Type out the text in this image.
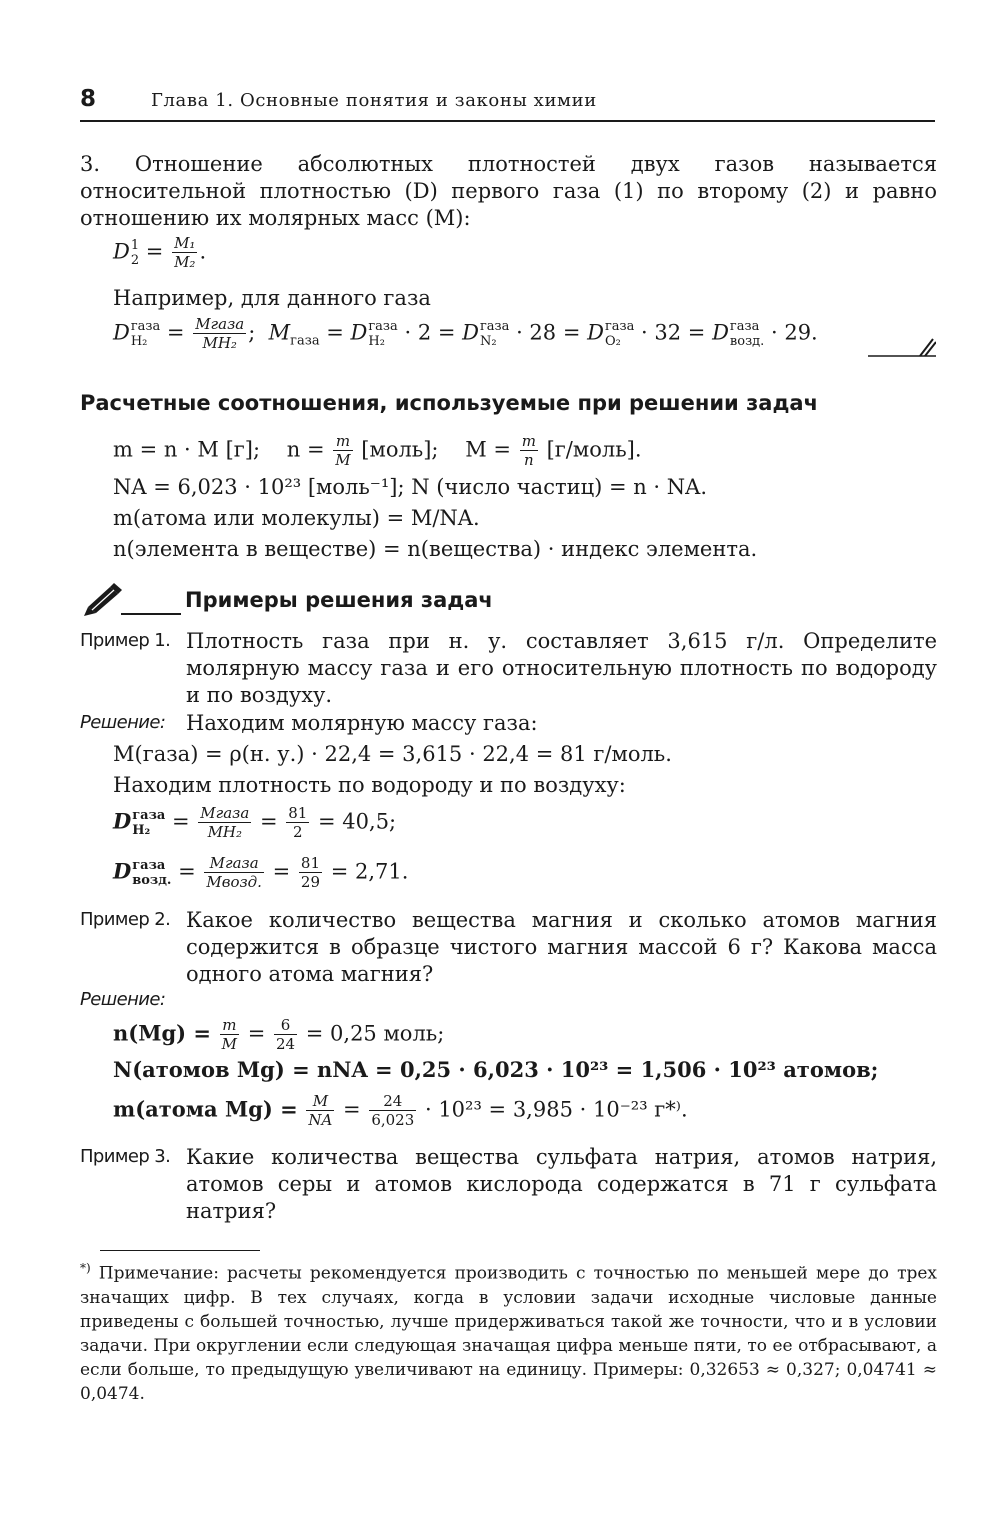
8	Глава 1. Основные понятия и законы химии
3. Отношение абсолютных плотностей двух газов называется относительной плотностью (D) первого газа (1) по второму (2) и равно отношению их молярных масс (M):
D 1
$2 = \frac{\text{M₁}}{\text{M₂}}$ .
Например, для данного газа
D газа
$H_2 = \frac{\text{Mгаза}}{\text{MH₂}}$ ;  $M_{газа} = D$ газа
H₂ · 2 = D газа
N₂ · 28 = D газа
O₂ · 32 = D газа
возд. · 29.
Расчетные соотношения, используемые при решении задач
m = n · M [г]; $n = \frac{m}{M}$ [моль]; $M = \frac{m}{n}$ [г/моль].
NA = 6,023 · 10²³ [моль⁻¹]; N (число частиц) = n · NA.
m(атома или молекулы) = M/NA.
n(элемента в веществе) = n(вещества) · индекс элемента.
Примеры решения задач
Пример 1. Плотность газа при н. у. составляет 3,615 г/л. Определите молярную массу газа и его относительную плотность по водороду и по воздуху.
Решение: Находим молярную массу газа:
M(газа) = ρ(н. у.) · 22,4 = 3,615 · 22,4 = 81 г/моль.
Находим плотность по водороду и по воздуху:
D газа
$H_2 = \frac{\text{Mгаза}}{\text{MH₂}} = \frac{81}{2} = 40,5$;
D газа
возд. = $\frac{\text{Mгаза}}{\text{Mвозд.}} = \frac{81}{29} = 2,71$.
Пример 2. Какое количество вещества магния и сколько атомов магния содержится в образце чистого магния массой 6 г? Какова масса одного атома магния?
Решение:
$n(Mg) = \frac{m}{M} = \frac{6}{24} = 0,25$ моль;
N(атомов Mg) = nNA = 0,25 · 6,023 · 10²³ = 1,506 · 10²³ атомов;
m(атома $Mg) = \frac{M}{NA} = \frac{24}{6,023} \cdot 10^{23} = 3,985 \cdot 10^{-23}$ г*⁾.
Пример 3. Какие количества вещества сульфата натрия, атомов натрия, атомов серы и атомов кислорода содержатся в 71 г сульфата натрия?
*) Примечание: расчеты рекомендуется производить с точностью по меньшей мере до трех значащих цифр. В тех случаях, когда в условии задачи исходные числовые данные приведены с большей точностью, лучше придерживаться такой же точности, что и в условии задачи. При округлении если следующая значащая цифра меньше пяти, то ее отбрасывают, а если больше, то предыдущую увеличивают на единицу. Примеры: 0,32653 ≈ 0,327; 0,04741 ≈ 0,0474.
